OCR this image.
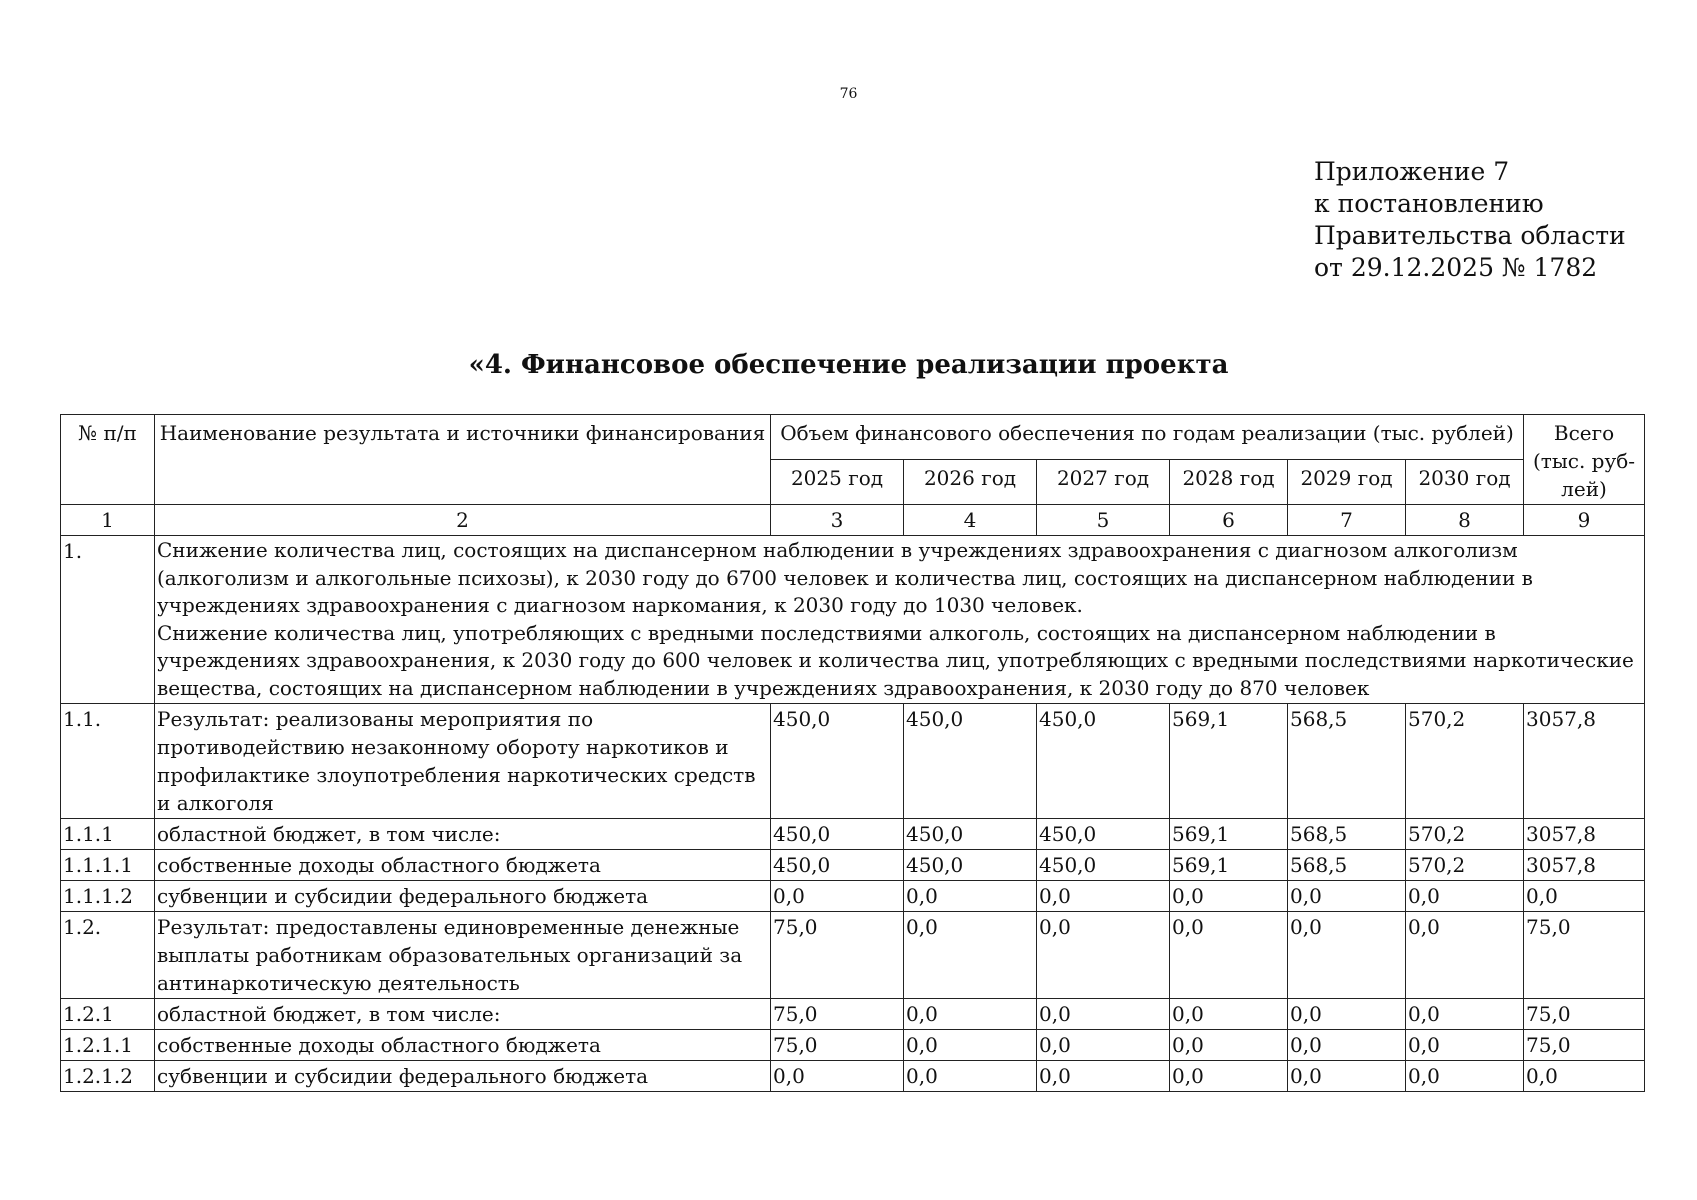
76
Приложение 7
к постановлению
Правительства области
от 29.12.2025 № 1782
«4. Финансовое обеспечение реализации проекта
№ п/п	Наименование результата и источники финансирования	Объем финансового обеспечения по годам реализации (тыс. рублей)						Всего (тыс. руб-лей)
		2025 год	2026 год	2027 год	2028 год	2029 год	2030 год	
1	2	3	4	5	6	7	8	9
1.	Снижение количества лиц, состоящих на диспансерном наблюдении в учреждениях здравоохранения с диагнозом алкоголизм (алкоголизм и алкогольные психозы), к 2030 году до 6700 человек и количества лиц, состоящих на диспансерном наблюдении в учреждениях здравоохранения с диагнозом наркомания, к 2030 году до 1030 человек.
Снижение количества лиц, употребляющих с вредными последствиями алкоголь, состоящих на диспансерном наблюдении в учреждениях здравоохранения, к 2030 году до 600 человек и количества лиц, употребляющих с вредными последствиями наркотические вещества, состоящих на диспансерном наблюдении в учреждениях здравоохранения, к 2030 году до 870 человек							

1.1.	Результат: реализованы мероприятия по противодействию незаконному обороту наркотиков и профилактике злоупотребления наркотических средств и алкоголя	450,0	450,0	450,0	569,1	568,5	570,2	3057,8
1.1.1	областной бюджет, в том числе:	450,0	450,0	450,0	569,1	568,5	570,2	3057,8
1.1.1.1	собственные доходы областного бюджета	450,0	450,0	450,0	569,1	568,5	570,2	3057,8
1.1.1.2	субвенции и субсидии федерального бюджета	0,0	0,0	0,0	0,0	0,0	0,0	0,0
1.2.	Результат: предоставлены единовременные денежные выплаты работникам образовательных организаций за антинаркотическую деятельность	75,0	0,0	0,0	0,0	0,0	0,0	75,0
1.2.1	областной бюджет, в том числе:	75,0	0,0	0,0	0,0	0,0	0,0	75,0
1.2.1.1	собственные доходы областного бюджета	75,0	0,0	0,0	0,0	0,0	0,0	75,0
1.2.1.2	субвенции и субсидии федерального бюджета	0,0	0,0	0,0	0,0	0,0	0,0	0,0
